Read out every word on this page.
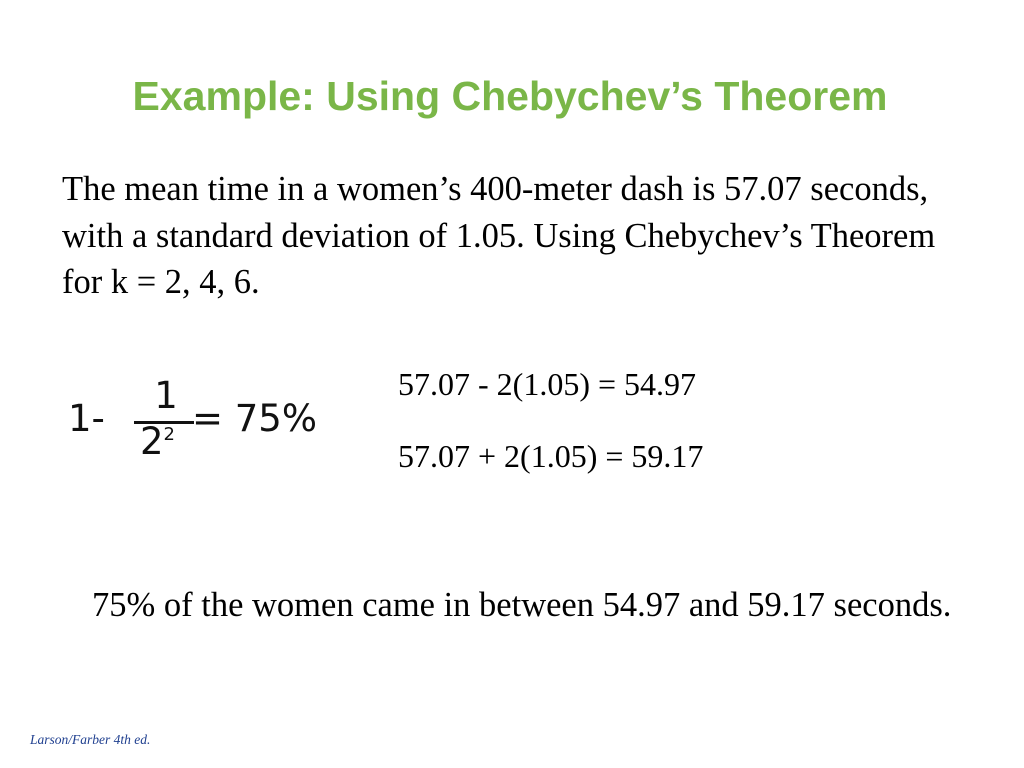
Example: Using Chebychev’s Theorem
The mean time in a women’s 400-meter dash is 57.07 seconds, with a standard deviation of 1.05. Using Chebychev’s Theorem for k = 2, 4, 6.
1-
1
$2^2 = 75\%$
57.07 - 2(1.05) = 54.97
57.07 + 2(1.05) = 59.17
75% of the women came in between 54.97 and 59.17 seconds.
Larson/Farber 4th ed.
